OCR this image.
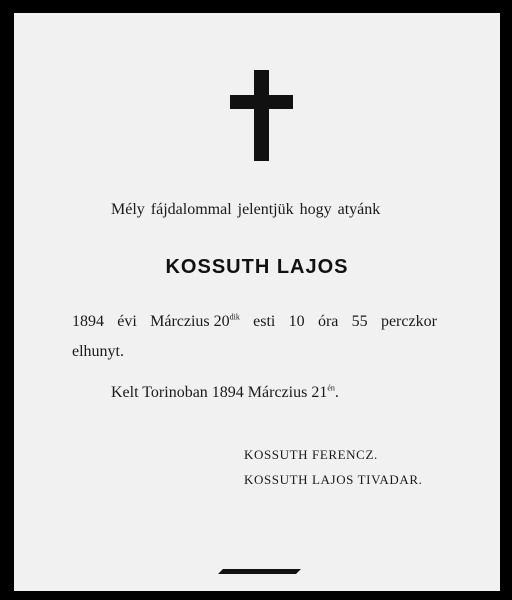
Mély fájdalommal jelentjük hogy atyánk
KOSSUTH LAJOS
1894 évi Márczius $20^{dik}$ esti 10 óra 55 perczkor
elhunyt.
Kelt Torinoban 1894 Márczius $21^{én}$.
KOSSUTH FERENCZ.
KOSSUTH LAJOS TIVADAR.
